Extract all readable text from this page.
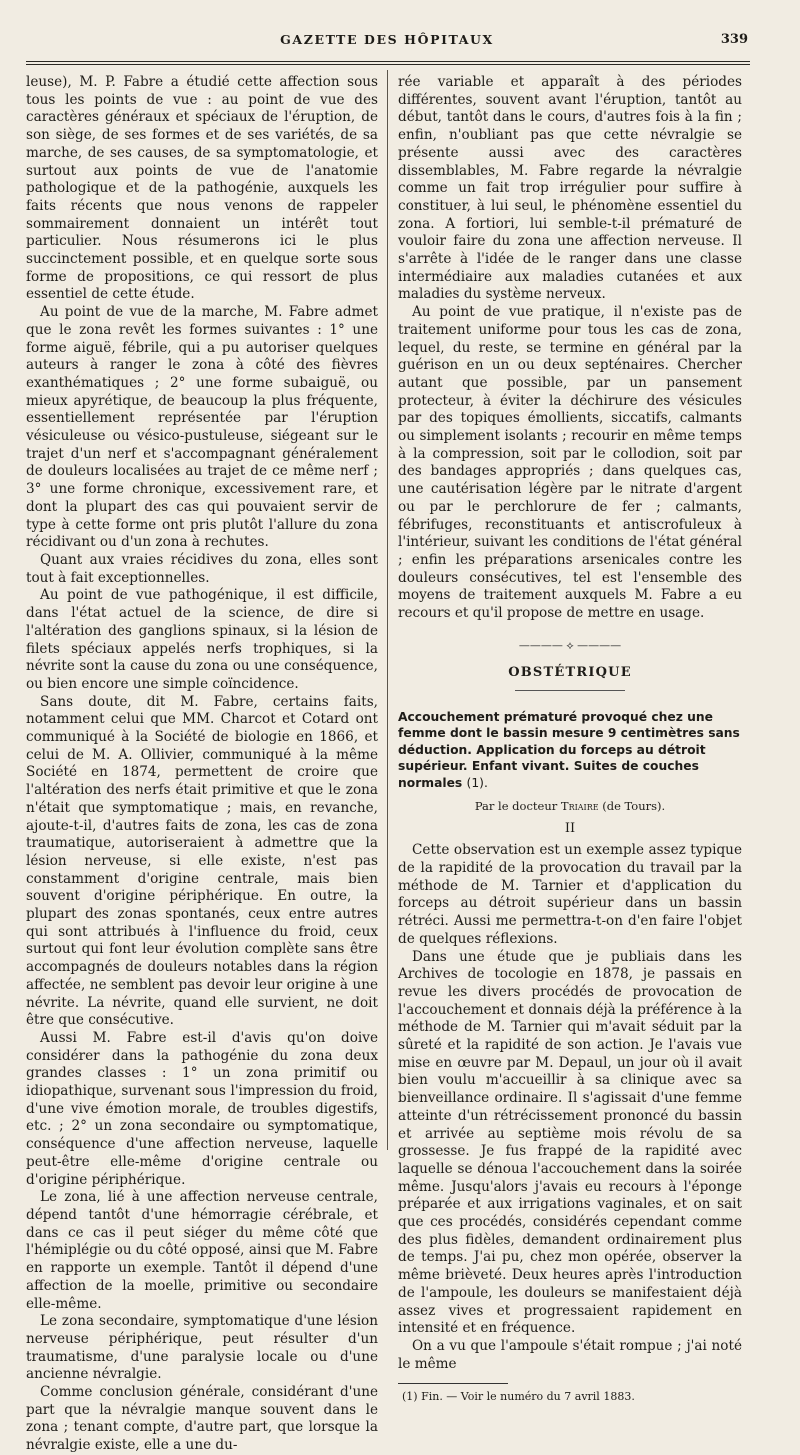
GAZETTE DES HÔPITAUX	339

leuse), M. P. Fabre a étudié cette affection sous tous les points de vue : au point de vue des caractères généraux et spéciaux de l'éruption, de son siège, de ses formes et de ses variétés, de sa marche, de ses causes, de sa symptomatologie, et surtout aux points de vue de l'anatomie pathologique et de la pathogénie, auxquels les faits récents que nous venons de rappeler sommairement donnaient un intérêt tout particulier. Nous résumerons ici le plus succinctement possible, et en quelque sorte sous forme de propositions, ce qui ressort de plus essentiel de cette étude.

Au point de vue de la marche, M. Fabre admet que le zona revêt les formes suivantes : 1° une forme aiguë, fébrile, qui a pu autoriser quelques auteurs à ranger le zona à côté des fièvres exanthématiques ; 2° une forme subaiguë, ou mieux apyrétique, de beaucoup la plus fréquente, essentiellement représentée par l'éruption vésiculeuse ou vésico-pustuleuse, siégeant sur le trajet d'un nerf et s'accompagnant généralement de douleurs localisées au trajet de ce même nerf ; 3° une forme chronique, excessivement rare, et dont la plupart des cas qui pouvaient servir de type à cette forme ont pris plutôt l'allure du zona récidivant ou d'un zona à rechutes.

Quant aux vraies récidives du zona, elles sont tout à fait exceptionnelles.

Au point de vue pathogénique, il est difficile, dans l'état actuel de la science, de dire si l'altération des ganglions spinaux, si la lésion de filets spéciaux appelés nerfs trophiques, si la névrite sont la cause du zona ou une conséquence, ou bien encore une simple coïncidence.

Sans doute, dit M. Fabre, certains faits, notamment celui que MM. Charcot et Cotard ont communiqué à la Société de biologie en 1866, et celui de M. A. Ollivier, communiqué à la même Société en 1874, permettent de croire que l'altération des nerfs était primitive et que le zona n'était que symptomatique ; mais, en revanche, ajoute-t-il, d'autres faits de zona, les cas de zona traumatique, autoriseraient à admettre que la lésion nerveuse, si elle existe, n'est pas constamment d'origine centrale, mais bien souvent d'origine périphérique. En outre, la plupart des zonas spontanés, ceux entre autres qui sont attribués à l'influence du froid, ceux surtout qui font leur évolution complète sans être accompagnés de douleurs notables dans la région affectée, ne semblent pas devoir leur origine à une névrite. La névrite, quand elle survient, ne doit être que consécutive.

Aussi M. Fabre est-il d'avis qu'on doive considérer dans la pathogénie du zona deux grandes classes : 1° un zona primitif ou idiopathique, survenant sous l'impression du froid, d'une vive émotion morale, de troubles digestifs, etc. ; 2° un zona secondaire ou symptomatique, conséquence d'une affection nerveuse, laquelle peut-être elle-même d'origine centrale ou d'origine périphérique.

Le zona, lié à une affection nerveuse centrale, dépend tantôt d'une hémorragie cérébrale, et dans ce cas il peut siéger du même côté que l'hémiplégie ou du côté opposé, ainsi que M. Fabre en rapporte un exemple. Tantôt il dépend d'une affection de la moelle, primitive ou secondaire elle-même.

Le zona secondaire, symptomatique d'une lésion nerveuse périphérique, peut résulter d'un traumatisme, d'une paralysie locale ou d'une ancienne névralgie.

Comme conclusion générale, considérant d'une part que la névralgie manque souvent dans le zona ; tenant compte, d'autre part, que lorsque la névralgie existe, elle a une du-

rée variable et apparaît à des périodes différentes, souvent avant l'éruption, tantôt au début, tantôt dans le cours, d'autres fois à la fin ; enfin, n'oubliant pas que cette névralgie se présente aussi avec des caractères dissemblables, M. Fabre regarde la névralgie comme un fait trop irrégulier pour suffire à constituer, à lui seul, le phénomène essentiel du zona. A fortiori, lui semble-t-il prématuré de vouloir faire du zona une affection nerveuse. Il s'arrête à l'idée de le ranger dans une classe intermédiaire aux maladies cutanées et aux maladies du système nerveux.

Au point de vue pratique, il n'existe pas de traitement uniforme pour tous les cas de zona, lequel, du reste, se termine en général par la guérison en un ou deux septénaires. Chercher autant que possible, par un pansement protecteur, à éviter la déchirure des vésicules par des topiques émollients, siccatifs, calmants ou simplement isolants ; recourir en même temps à la compression, soit par le collodion, soit par des bandages appropriés ; dans quelques cas, une cautérisation légère par le nitrate d'argent ou par le perchlorure de fer ; calmants, fébrifuges, reconstituants et antiscrofuleux à l'intérieur, suivant les conditions de l'état général ; enfin les préparations arsenicales contre les douleurs consécutives, tel est l'ensemble des moyens de traitement auxquels M. Fabre a eu recours et qu'il propose de mettre en usage.

———— ⟡ ————
OBSTÉTRIQUE
Accouchement prématuré provoqué chez une femme dont le bassin mesure 9 centimètres sans déduction. Application du forceps au détroit supérieur. Enfant vivant. Suites de couches normales (1).
Par le docteur Triaire (de Tours).
II

Cette observation est un exemple assez typique de la rapidité de la provocation du travail par la méthode de M. Tarnier et d'application du forceps au détroit supérieur dans un bassin rétréci. Aussi me permettra-t-on d'en faire l'objet de quelques réflexions.

Dans une étude que je publiais dans les Archives de tocologie en 1878, je passais en revue les divers procédés de provocation de l'accouchement et donnais déjà la préférence à la méthode de M. Tarnier qui m'avait séduit par la sûreté et la rapidité de son action. Je l'avais vue mise en œuvre par M. Depaul, un jour où il avait bien voulu m'accueillir à sa clinique avec sa bienveillance ordinaire. Il s'agissait d'une femme atteinte d'un rétrécissement prononcé du bassin et arrivée au septième mois révolu de sa grossesse. Je fus frappé de la rapidité avec laquelle se dénoua l'accouchement dans la soirée même. Jusqu'alors j'avais eu recours à l'éponge préparée et aux irrigations vaginales, et on sait que ces procédés, considérés cependant comme des plus fidèles, demandent ordinairement plus de temps. J'ai pu, chez mon opérée, observer la même brièveté. Deux heures après l'introduction de l'ampoule, les douleurs se manifestaient déjà assez vives et progressaient rapidement en intensité et en fréquence.

On a vu que l'ampoule s'était rompue ; j'ai noté le même

(1) Fin. — Voir le numéro du 7 avril 1883.
